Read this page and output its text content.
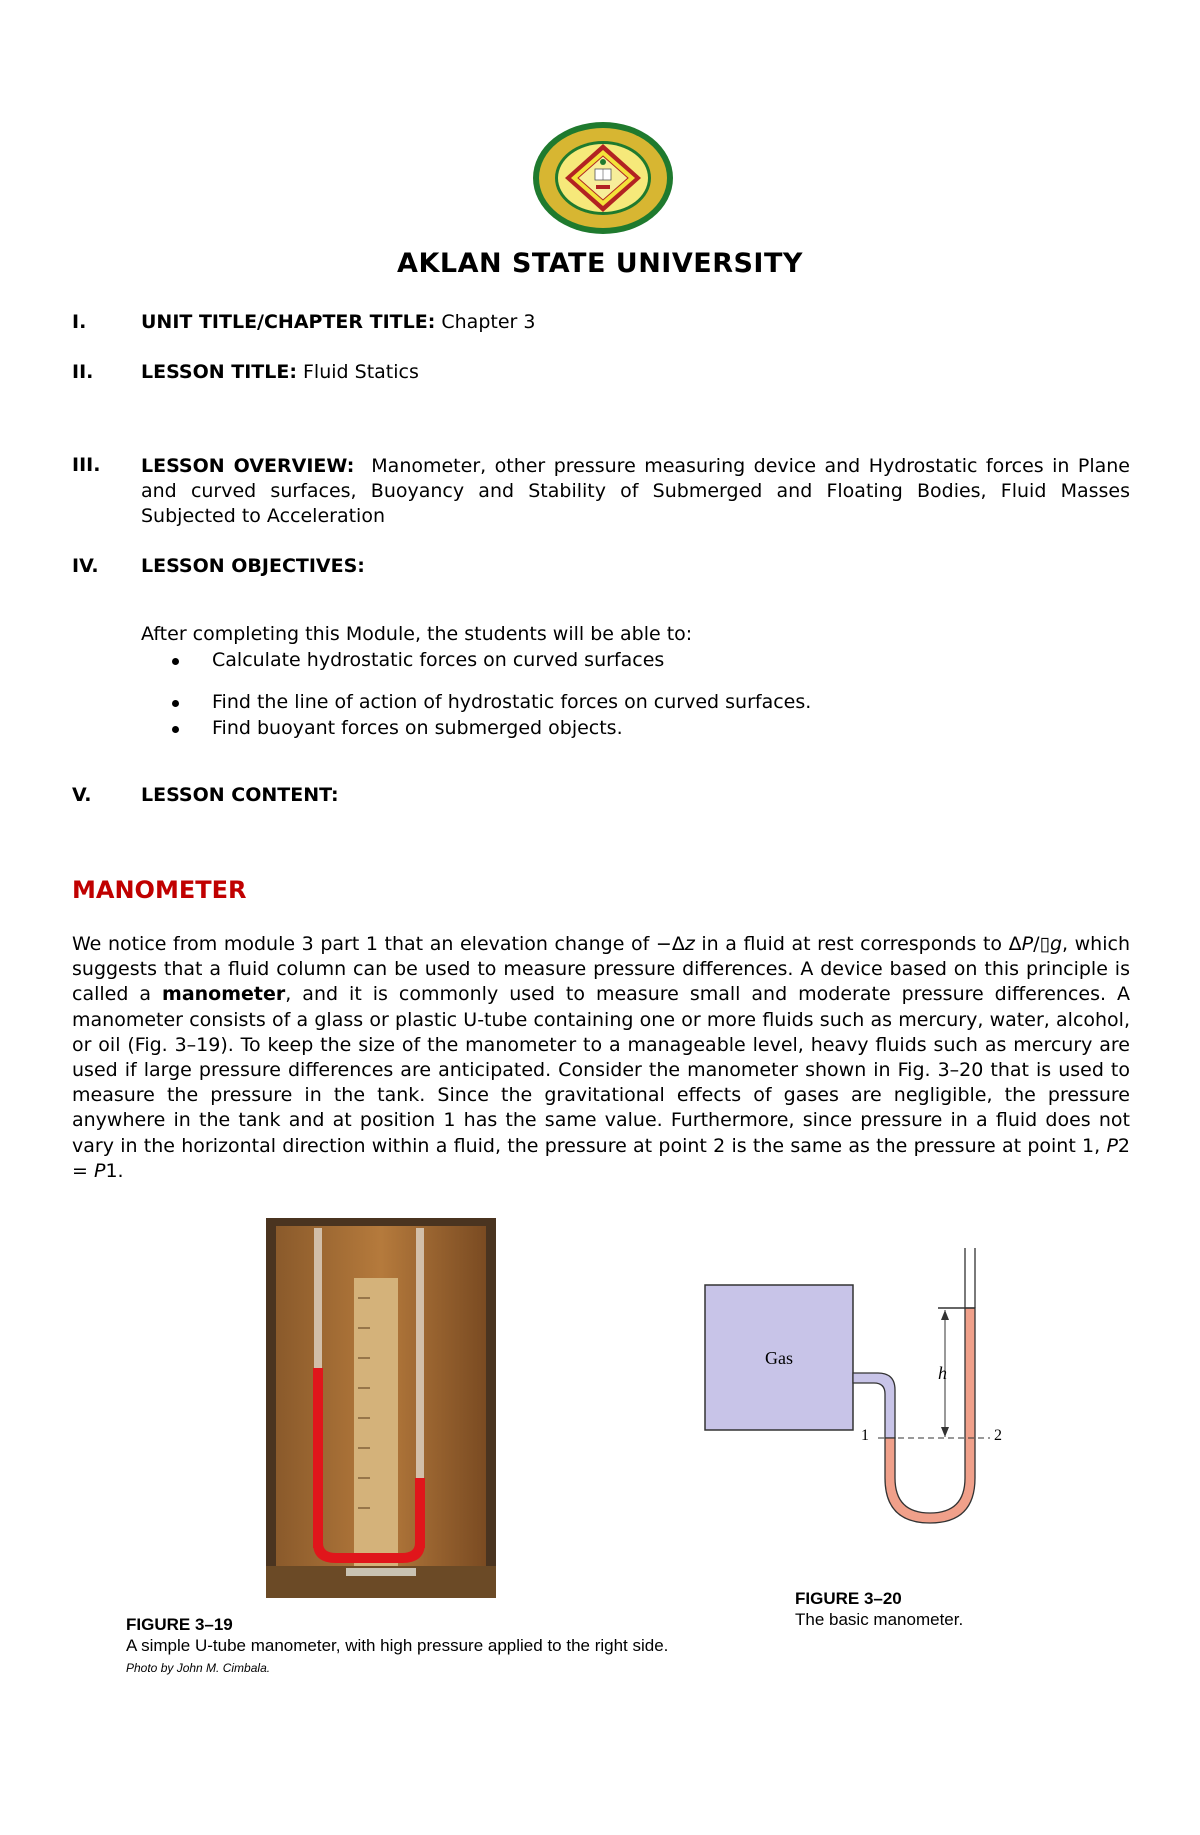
AKLAN STATE UNIVERSITY
I.	UNIT TITLE/CHAPTER TITLE: Chapter 3
II.	LESSON TITLE: Fluid Statics
III. LESSON OVERVIEW: Manometer, other pressure measuring device and Hydrostatic forces in Plane and curved surfaces, Buoyancy and Stability of Submerged and Floating Bodies, Fluid Masses Subjected to Acceleration
IV. LESSON OBJECTIVES:
After completing this Module, the students will be able to:
Calculate hydrostatic forces on curved surfaces
Find the line of action of hydrostatic forces on curved surfaces.
Find buoyant forces on submerged objects.
V.	LESSON CONTENT:
MANOMETER
We notice from module 3 part 1 that an elevation change of −Δz in a fluid at rest corresponds to ΔP/▯g, which suggests that a fluid column can be used to measure pressure differences. A device based on this principle is called a manometer, and it is commonly used to measure small and moderate pressure differences. A manometer consists of a glass or plastic U-tube containing one or more fluids such as mercury, water, alcohol, or oil (Fig. 3–19). To keep the size of the manometer to a manageable level, heavy fluids such as mercury are used if large pressure differences are anticipated. Consider the manometer shown in Fig. 3–20 that is used to measure the pressure in the tank. Since the gravitational effects of gases are negligible, the pressure anywhere in the tank and at position 1 has the same value. Furthermore, since pressure in a fluid does not vary in the horizontal direction within a fluid, the pressure at point 2 is the same as the pressure at point 1, P2 = P1.
Gas
h
1	2
FIGURE 3–19
A simple U-tube manometer, with high pressure applied to the right side.
Photo by John M. Cimbala.
FIGURE 3–20
The basic manometer.
